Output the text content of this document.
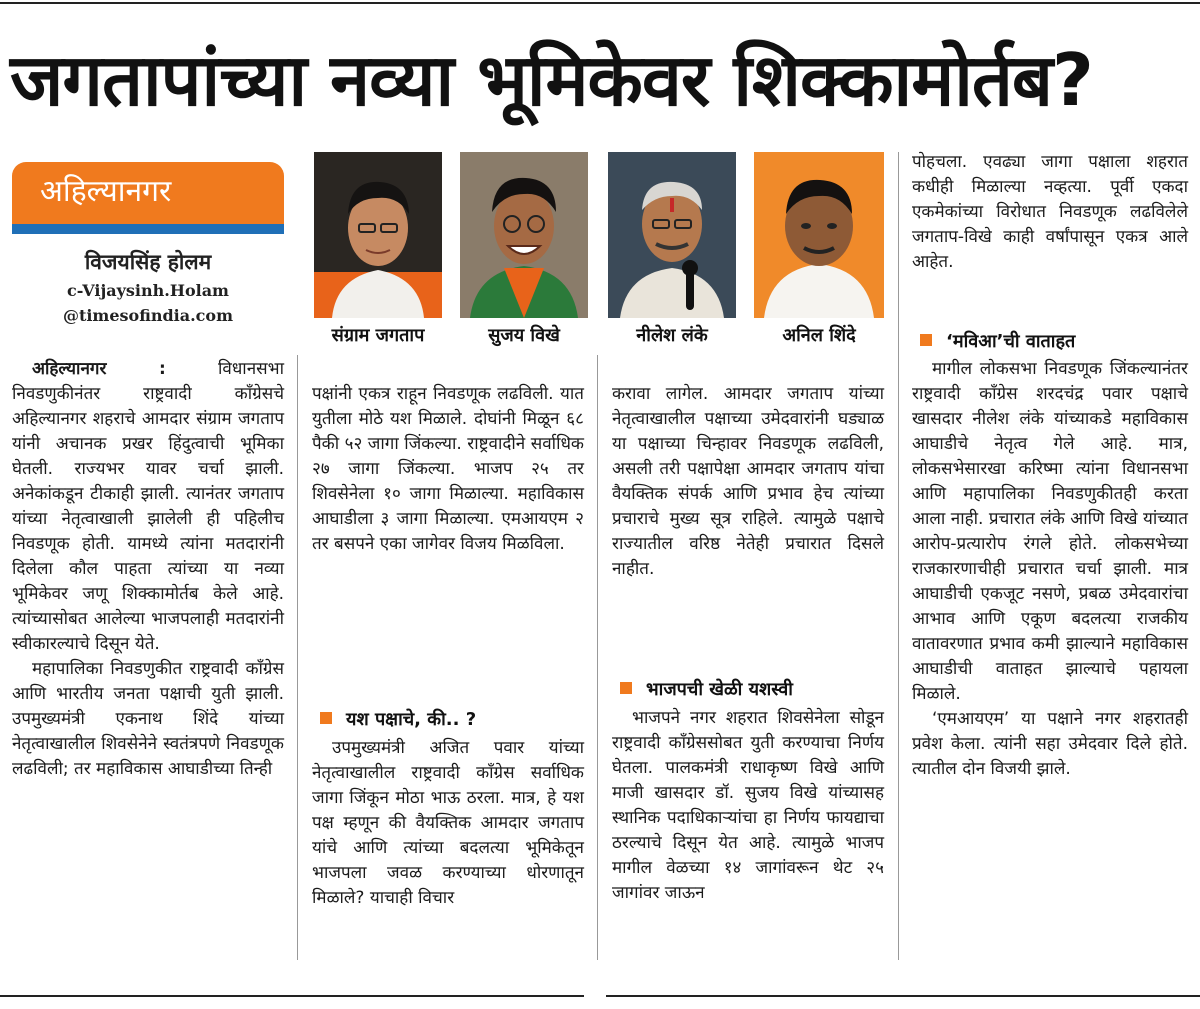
जगतापांच्या नव्या भूमिकेवर शिक्कामोर्तब?
अहिल्यानगर
विजयसिंह होलम
c-Vijaysinh.Holam
@timesofindia.com
संग्राम जगताप	सुजय विखे	नीलेश लंके	अनिल शिंदे

अहिल्यानगर : विधानसभा निवडणुकीनंतर राष्ट्रवादी काँग्रेसचे अहिल्यानगर शहराचे आमदार संग्राम जगताप यांनी अचानक प्रखर हिंदुत्वाची भूमिका घेतली. राज्यभर यावर चर्चा झाली. अनेकांकडून टीकाही झाली. त्यानंतर जगताप यांच्या नेतृत्वाखाली झालेली ही पहिलीच निवडणूक होती. यामध्ये त्यांना मतदारांनी दिलेला कौल पाहता त्यांच्या या नव्या भूमिकेवर जणू शिक्कामोर्तब केले आहे. त्यांच्यासोबत आलेल्या भाजपलाही मतदारांनी स्वीकारल्याचे दिसून येते.

महापालिका निवडणुकीत राष्ट्रवादी काँग्रेस आणि भारतीय जनता पक्षाची युती झाली. उपमुख्यमंत्री एकनाथ शिंदे यांच्या नेतृत्वाखालील शिवसेनेने स्वतंत्रपणे निवडणूक लढविली; तर महाविकास आघाडीच्या तिन्ही

पक्षांनी एकत्र राहून निवडणूक लढविली. यात युतीला मोठे यश मिळाले. दोघांनी मिळून ६८ पैकी ५२ जागा जिंकल्या. राष्ट्रवादीने सर्वाधिक २७ जागा जिंकल्या. भाजप २५ तर शिवसेनेला १० जागा मिळाल्या. महाविकास आघाडीला ३ जागा मिळाल्या. एमआयएम २ तर बसपने एका जागेवर विजय मिळविला.

यश पक्षाचे, की.. ?

उपमुख्यमंत्री अजित पवार यांच्या नेतृत्वाखालील राष्ट्रवादी काँग्रेस सर्वाधिक जागा जिंकून मोठा भाऊ ठरला. मात्र, हे यश पक्ष म्हणून की वैयक्तिक आमदार जगताप यांचे आणि त्यांच्या बदलत्या भूमिकेतून भाजपला जवळ करण्याच्या धोरणातून मिळाले? याचाही विचार

करावा लागेल. आमदार जगताप यांच्या नेतृत्वाखालील पक्षाच्या उमेदवारांनी घड्याळ या पक्षाच्या चिन्हावर निवडणूक लढविली, असली तरी पक्षापेक्षा आमदार जगताप यांचा वैयक्तिक संपर्क आणि प्रभाव हेच त्यांच्या प्रचाराचे मुख्य सूत्र राहिले. त्यामुळे पक्षाचे राज्यातील वरिष्ठ नेतेही प्रचारात दिसले नाहीत.

भाजपची खेळी यशस्वी

भाजपने नगर शहरात शिवसेनेला सोडून राष्ट्रवादी काँग्रेससोबत युती करण्याचा निर्णय घेतला. पालकमंत्री राधाकृष्ण विखे आणि माजी खासदार डॉ. सुजय विखे यांच्यासह स्थानिक पदाधिकाऱ्यांचा हा निर्णय फायद्याचा ठरल्याचे दिसून येत आहे. त्यामुळे भाजप मागील वेळच्या १४ जागांवरून थेट २५ जागांवर जाऊन

पोहचला. एवढ्या जागा पक्षाला शहरात कधीही मिळाल्या नव्हत्या. पूर्वी एकदा एकमेकांच्या विरोधात निवडणूक लढविलेले जगताप-विखे काही वर्षांपासून एकत्र आले आहेत.

‘मविआ’ची वाताहत

मागील लोकसभा निवडणूक जिंकल्यानंतर राष्ट्रवादी काँग्रेस शरदचंद्र पवार पक्षाचे खासदार नीलेश लंके यांच्याकडे महाविकास आघाडीचे नेतृत्व गेले आहे. मात्र, लोकसभेसारखा करिष्मा त्यांना विधानसभा आणि महापालिका निवडणुकीतही करता आला नाही. प्रचारात लंके आणि विखे यांच्यात आरोप-प्रत्यारोप रंगले होते. लोकसभेच्या राजकारणाचीही प्रचारात चर्चा झाली. मात्र आघाडीची एकजूट नसणे, प्रबळ उमेदवारांचा आभाव आणि एकूण बदलत्या राजकीय वातावरणात प्रभाव कमी झाल्याने महाविकास आघाडीची वाताहत झाल्याचे पहायला मिळाले.

‘एमआयएम’ या पक्षाने नगर शहरातही प्रवेश केला. त्यांनी सहा उमेदवार दिले होते. त्यातील दोन विजयी झाले.
